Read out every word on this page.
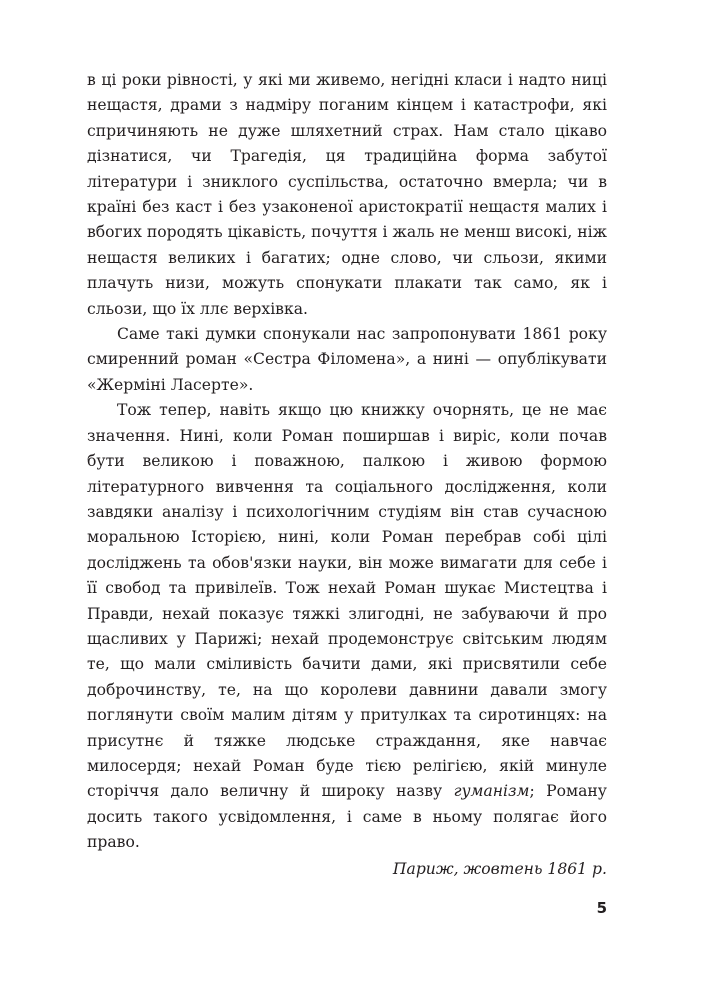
в ці роки рівності, у які ми живемо, негідні класи і надто ниці нещастя, драми з надміру поганим кінцем і катастрофи, які спричиняють не дуже шляхетний страх. Нам стало цікаво дізнатися, чи Трагедія, ця традиційна форма забутої літератури і зниклого суспільства, остаточно вмерла; чи в країні без каст і без узаконеної аристократії нещастя малих і вбогих породять цікавість, почуття і жаль не менш високі, ніж нещастя великих і багатих; одне слово, чи сльози, якими плачуть низи, можуть спонукати плакати так само, як і сльози, що їх ллє верхівка.

Саме такі думки спонукали нас запропонувати 1861 року смиренний роман «Сестра Філомена», а нині — опублікувати «Жерміні Ласерте».

Тож тепер, навіть якщо цю книжку очорнять, це не має значення. Нині, коли Роман поширшав і виріс, коли почав бути великою і поважною, палкою і живою формою літературного вивчення та соціального дослідження, коли завдяки аналізу і психологічним студіям він став сучасною моральною Історією, нині, коли Роман перебрав собі цілі досліджень та обов'язки науки, він може вимагати для себе і її свобод та привілеїв. Тож нехай Роман шукає Мистецтва і Правди, нехай показує тяжкі злигодні, не забуваючи й про щасливих у Парижі; нехай продемонструє світським людям те, що мали сміливість бачити дами, які присвятили себе доброчинству, те, на що королеви давнини давали змогу поглянути своїм малим дітям у притулках та сиротинцях: на присутнє й тяжке людське страждання, яке навчає милосердя; нехай Роман буде тією релігією, якій минуле сторіччя дало величну й широку назву гуманізм; Роману досить такого усвідомлення, і саме в ньому полягає його право.

Париж, жовтень 1861 р.

5
